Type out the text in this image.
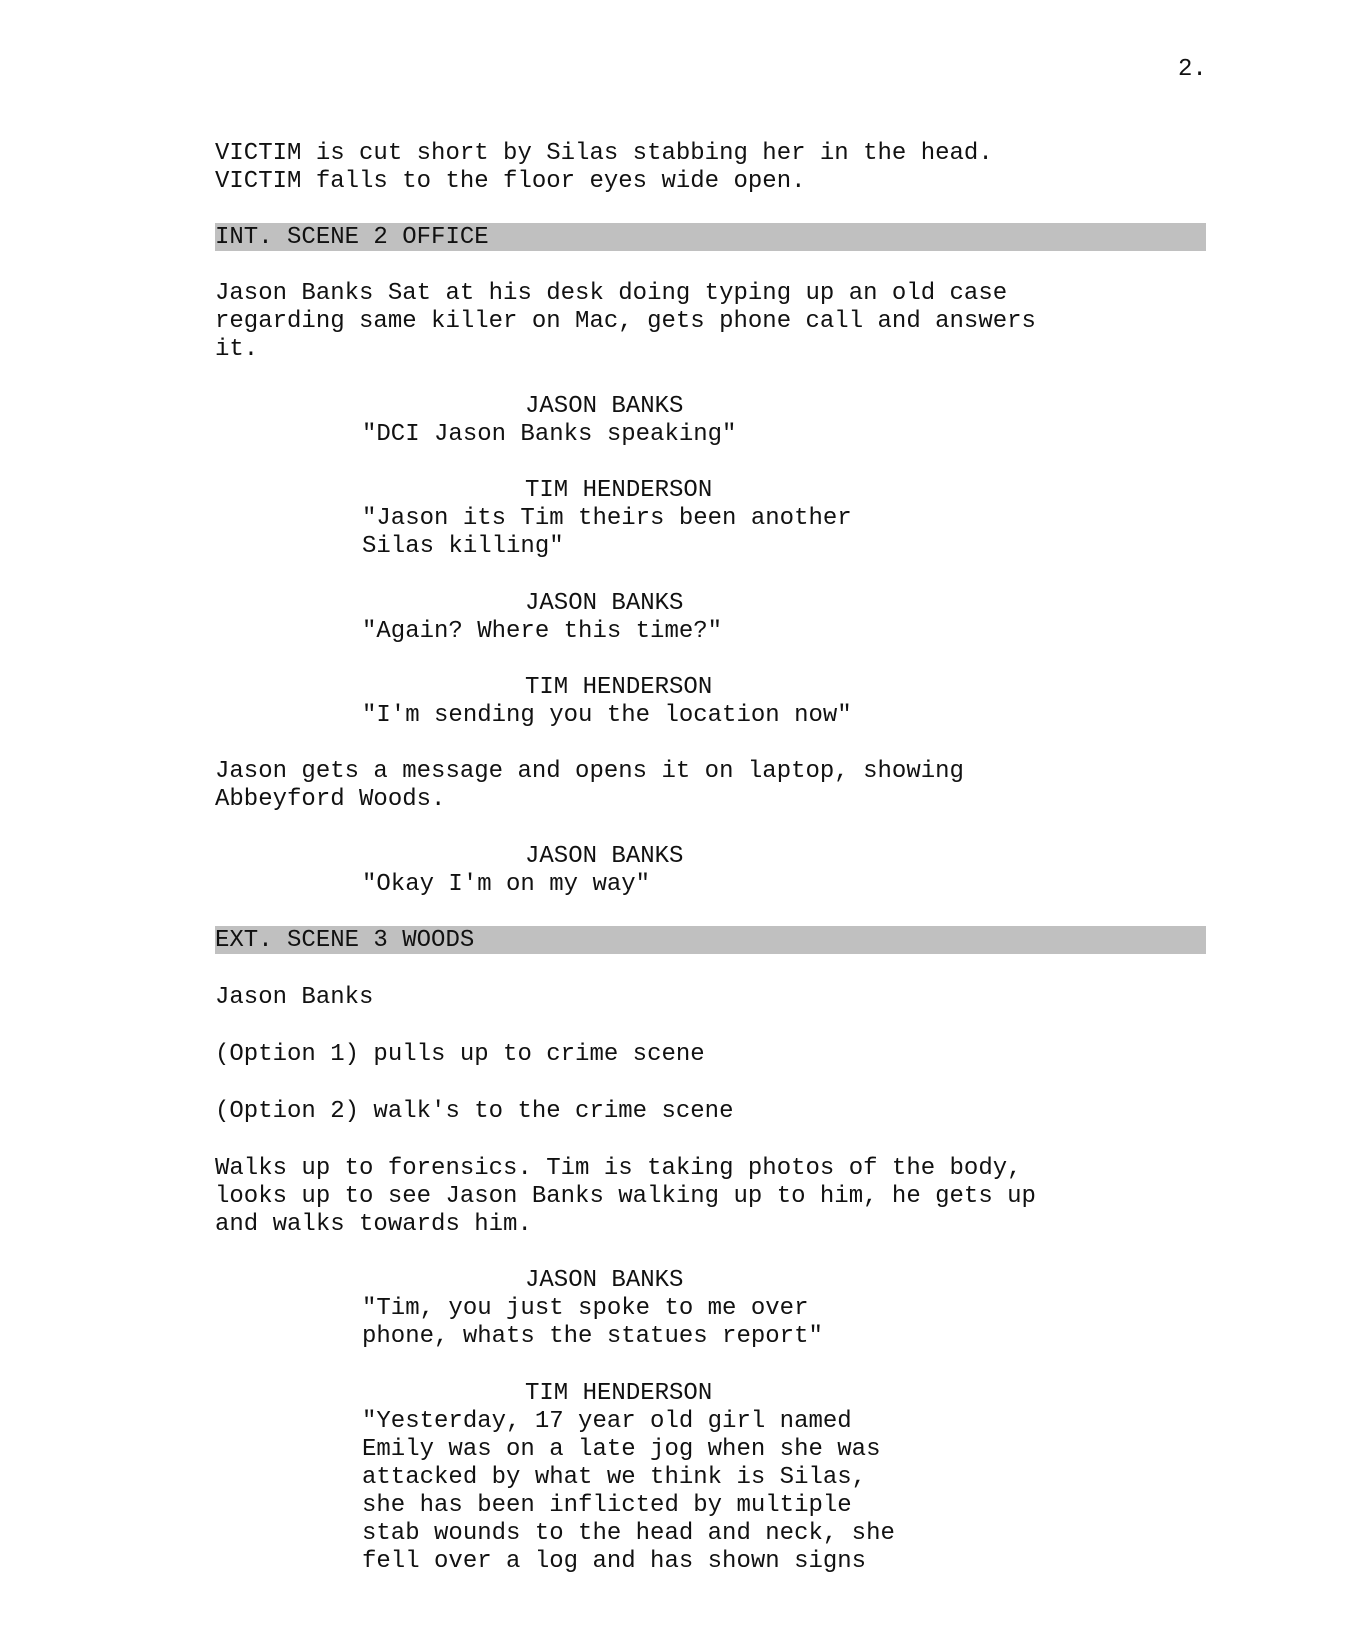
2.
VICTIM is cut short by Silas stabbing her in the head.
VICTIM falls to the floor eyes wide open.
INT. SCENE 2 OFFICE
Jason Banks Sat at his desk doing typing up an old case
regarding same killer on Mac, gets phone call and answers
it.
JASON BANKS
"DCI Jason Banks speaking"
TIM HENDERSON
"Jason its Tim theirs been another
Silas killing"
JASON BANKS
"Again? Where this time?"
TIM HENDERSON
"I'm sending you the location now"
Jason gets a message and opens it on laptop, showing
Abbeyford Woods.
JASON BANKS
"Okay I'm on my way"
EXT. SCENE 3 WOODS
Jason Banks
(Option 1) pulls up to crime scene
(Option 2) walk's to the crime scene
Walks up to forensics. Tim is taking photos of the body,
looks up to see Jason Banks walking up to him, he gets up
and walks towards him.
JASON BANKS
"Tim, you just spoke to me over
phone, whats the statues report"
TIM HENDERSON
"Yesterday, 17 year old girl named
Emily was on a late jog when she was
attacked by what we think is Silas,
she has been inflicted by multiple
stab wounds to the head and neck, she
fell over a log and has shown signs
